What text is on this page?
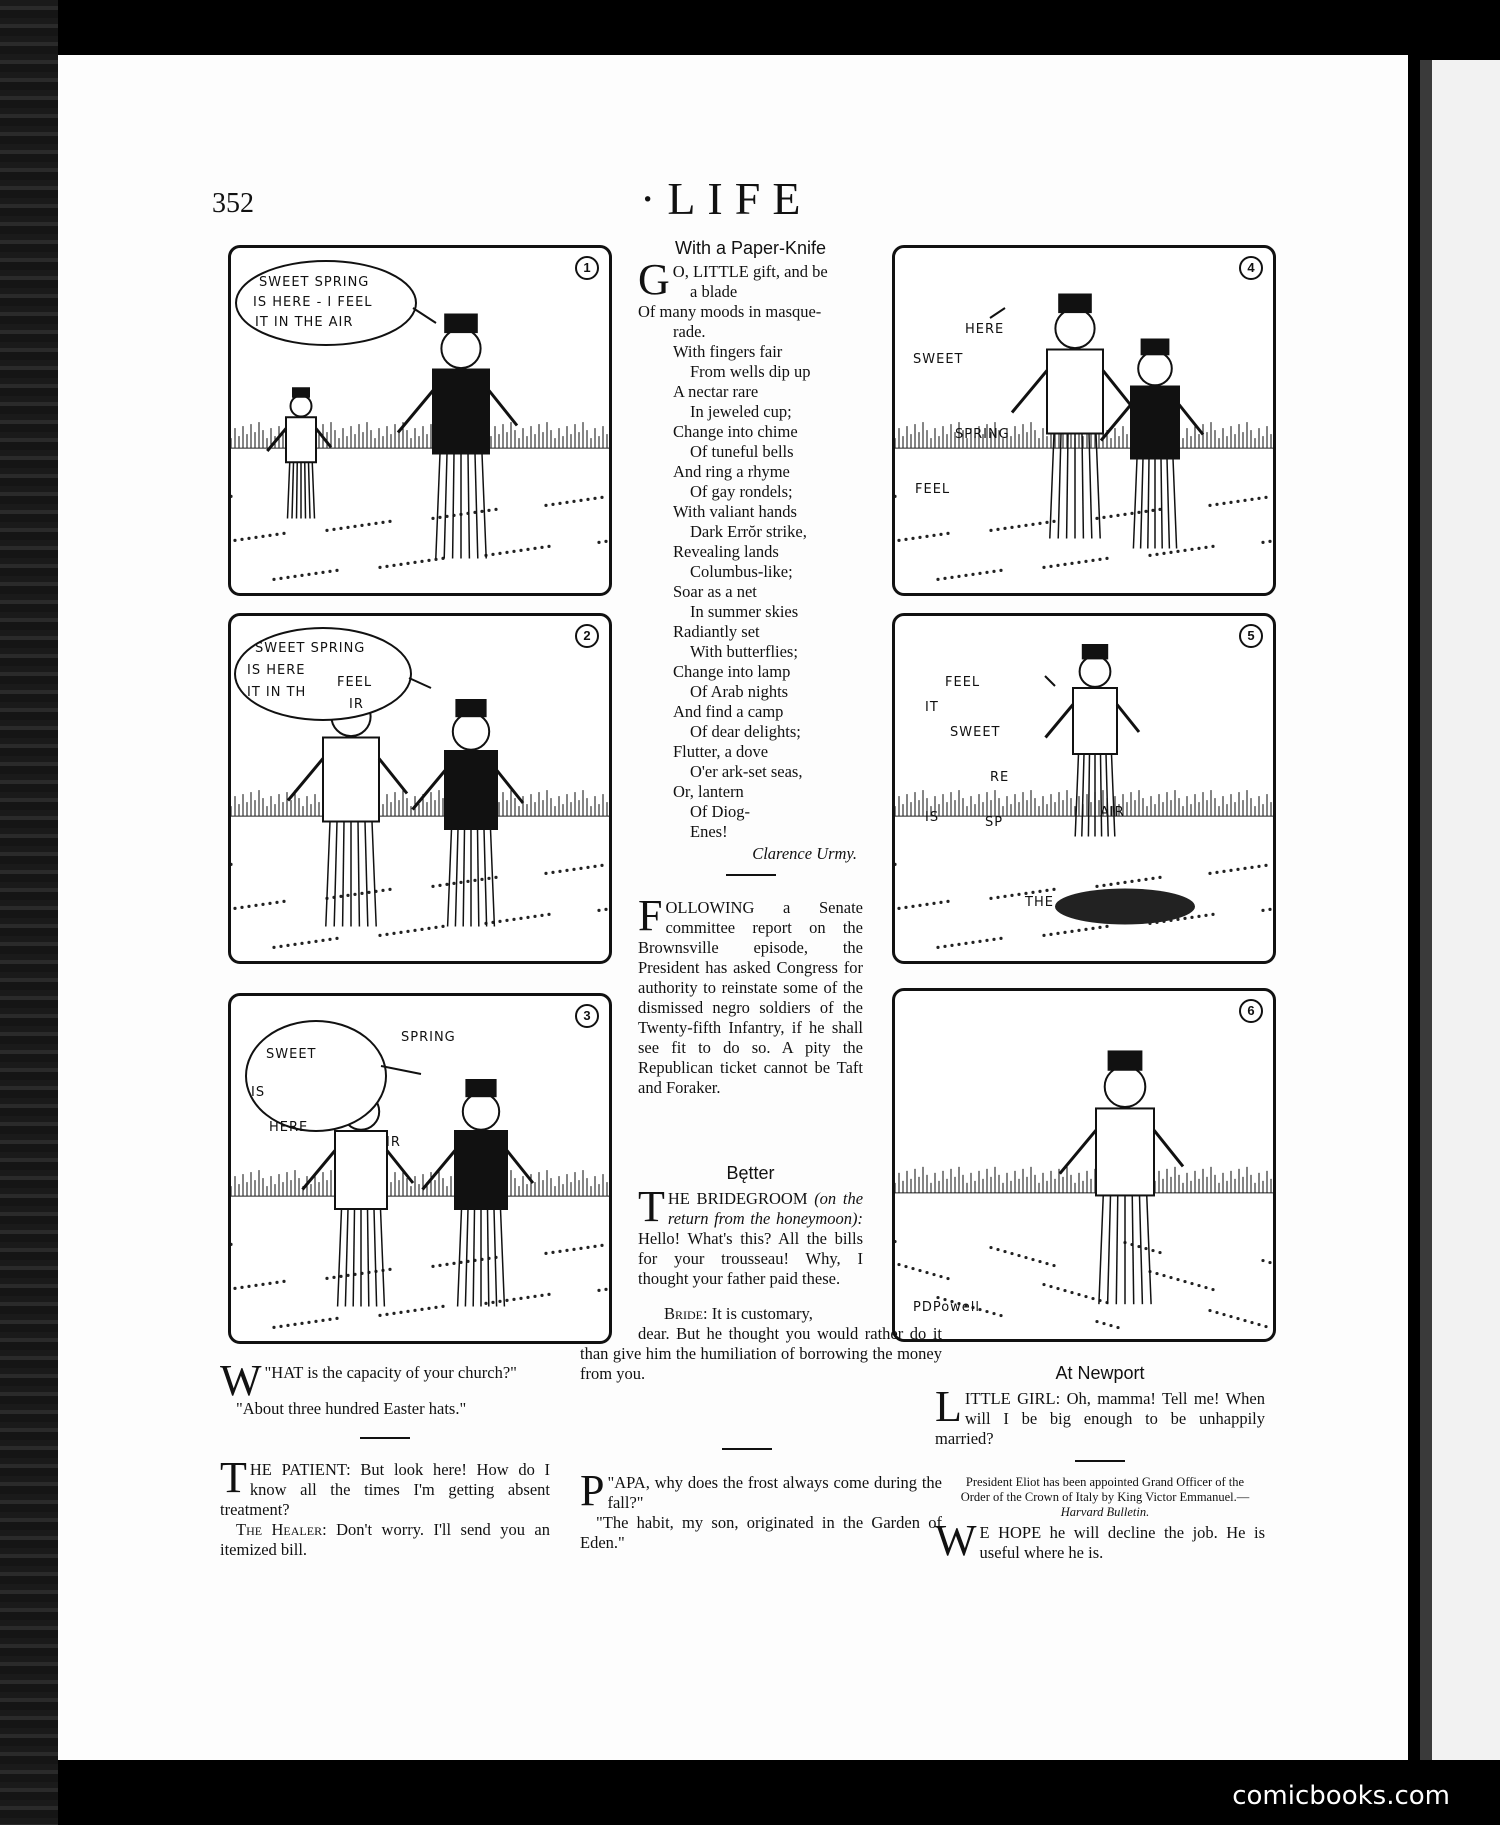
352	·LIFE
SWEET SPRING
IS HERE - I FEEL
IT IN THE AIR
1
SWEET SPRING
IS HERE
FEEL
IT IN TH
IR
2
SWEET
SPRING
IS
HERE
IR
3
HERE
SWEET
SPRING
FEEL
4
FEEL
IT
SWEET
RE
IS	SP
AIR
THE
5
PDPowell
6
With a Paper-Knife
G O, LITTLE gift, and be
a blade
Of many moods in masque-
rade.
With fingers fair
From wells dip up
A nectar rare
In jeweled cup;
Change into chime
Of tuneful bells
And ring a rhyme
Of gay rondels;
With valiant hands
Dark Errŏr strike,
Revealing lands
Columbus-like;
Soar as a net
In summer skies
Radiantly set
With butterflies;
Change into lamp
Of Arab nights
And find a camp
Of dear delights;
Flutter, a dove
O'er ark-set seas,
Or, lantern
Of Diog-
Enes!
Clarence Urmy.
FOLLOWING a Senate committee report on the Brownsville episode, the President has asked Congress for authority to reinstate some of the dismissed negro soldiers of the Twenty-fifth Infantry, if he shall see fit to do so. A pity the Republican ticket cannot be Taft and Foraker.
Bętter
THE BRIDEGROOM (on the return from the honeymoon): Hello! What's this? All the bills for your trousseau! Why, I thought your father paid these.
Bride: It is customary,
dear. But he thought you would rather do it than give him the humiliation of borrowing the money from you.
"
P APA, why does the frost always come during the fall?"
"The habit, my son, originated in the Garden of Eden."
"
W HAT is the capacity of your church?"
"About three hundred Easter hats."
THE PATIENT: But look here! How do I know all the times I'm getting absent treatment?
The Healer: Don't worry. I'll send you an itemized bill.
At Newport
LITTLE GIRL: Oh, mamma! Tell me! When will I be big enough to be unhappily married?
President Eliot has been appointed Grand Officer of the Order of the Crown of Italy by King Victor Emmanuel.—Harvard Bulletin.
W E HOPE he will decline the job. He is useful where he is.
comicbooks.com
